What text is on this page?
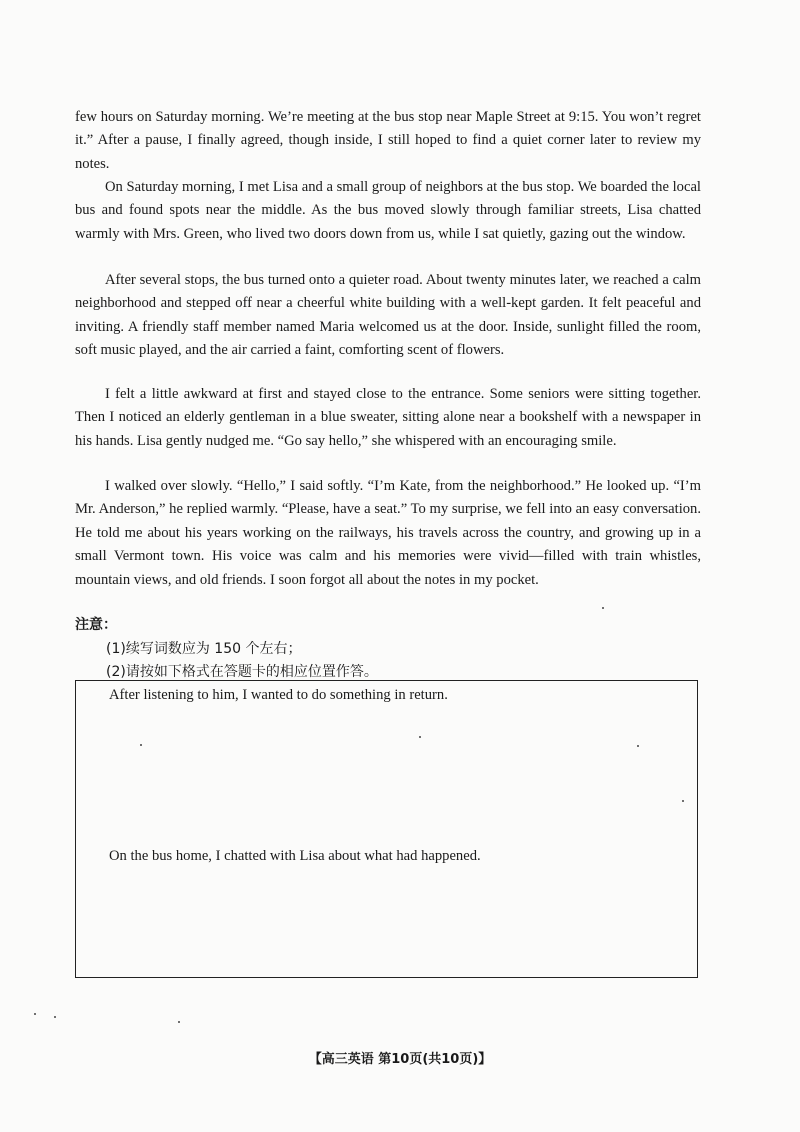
few hours on Saturday morning. We’re meeting at the bus stop near Maple Street at 9:15. You won’t regret it.” After a pause, I finally agreed, though inside, I still hoped to find a quiet corner later to review my notes.

On Saturday morning, I met Lisa and a small group of neighbors at the bus stop. We boarded the local bus and found spots near the middle. As the bus moved slowly through familiar streets, Lisa chatted warmly with Mrs. Green, who lived two doors down from us, while I sat quietly, gazing out the window.

After several stops, the bus turned onto a quieter road. About twenty minutes later, we reached a calm neighborhood and stepped off near a cheerful white building with a well-kept garden. It felt peaceful and inviting. A friendly staff member named Maria welcomed us at the door. Inside, sunlight filled the room, soft music played, and the air carried a faint, comforting scent of flowers.

I felt a little awkward at first and stayed close to the entrance. Some seniors were sitting together. Then I noticed an elderly gentleman in a blue sweater, sitting alone near a bookshelf with a newspaper in his hands. Lisa gently nudged me. “Go say hello,” she whispered with an encouraging smile.

I walked over slowly. “Hello,” I said softly. “I’m Kate, from the neighborhood.” He looked up. “I’m Mr. Anderson,” he replied warmly. “Please, have a seat.” To my surprise, we fell into an easy conversation. He told me about his years working on the railways, his travels across the country, and growing up in a small Vermont town. His voice was calm and his memories were vivid—filled with train whistles, mountain views, and old friends. I soon forgot all about the notes in my pocket.

注意：
(1)续写词数应为 150 个左右；
(2)请按如下格式在答题卡的相应位置作答。
After listening to him, I wanted to do something in return.
On the bus home, I chatted with Lisa about what had happened.
【高三英语 第10页(共10页)】
